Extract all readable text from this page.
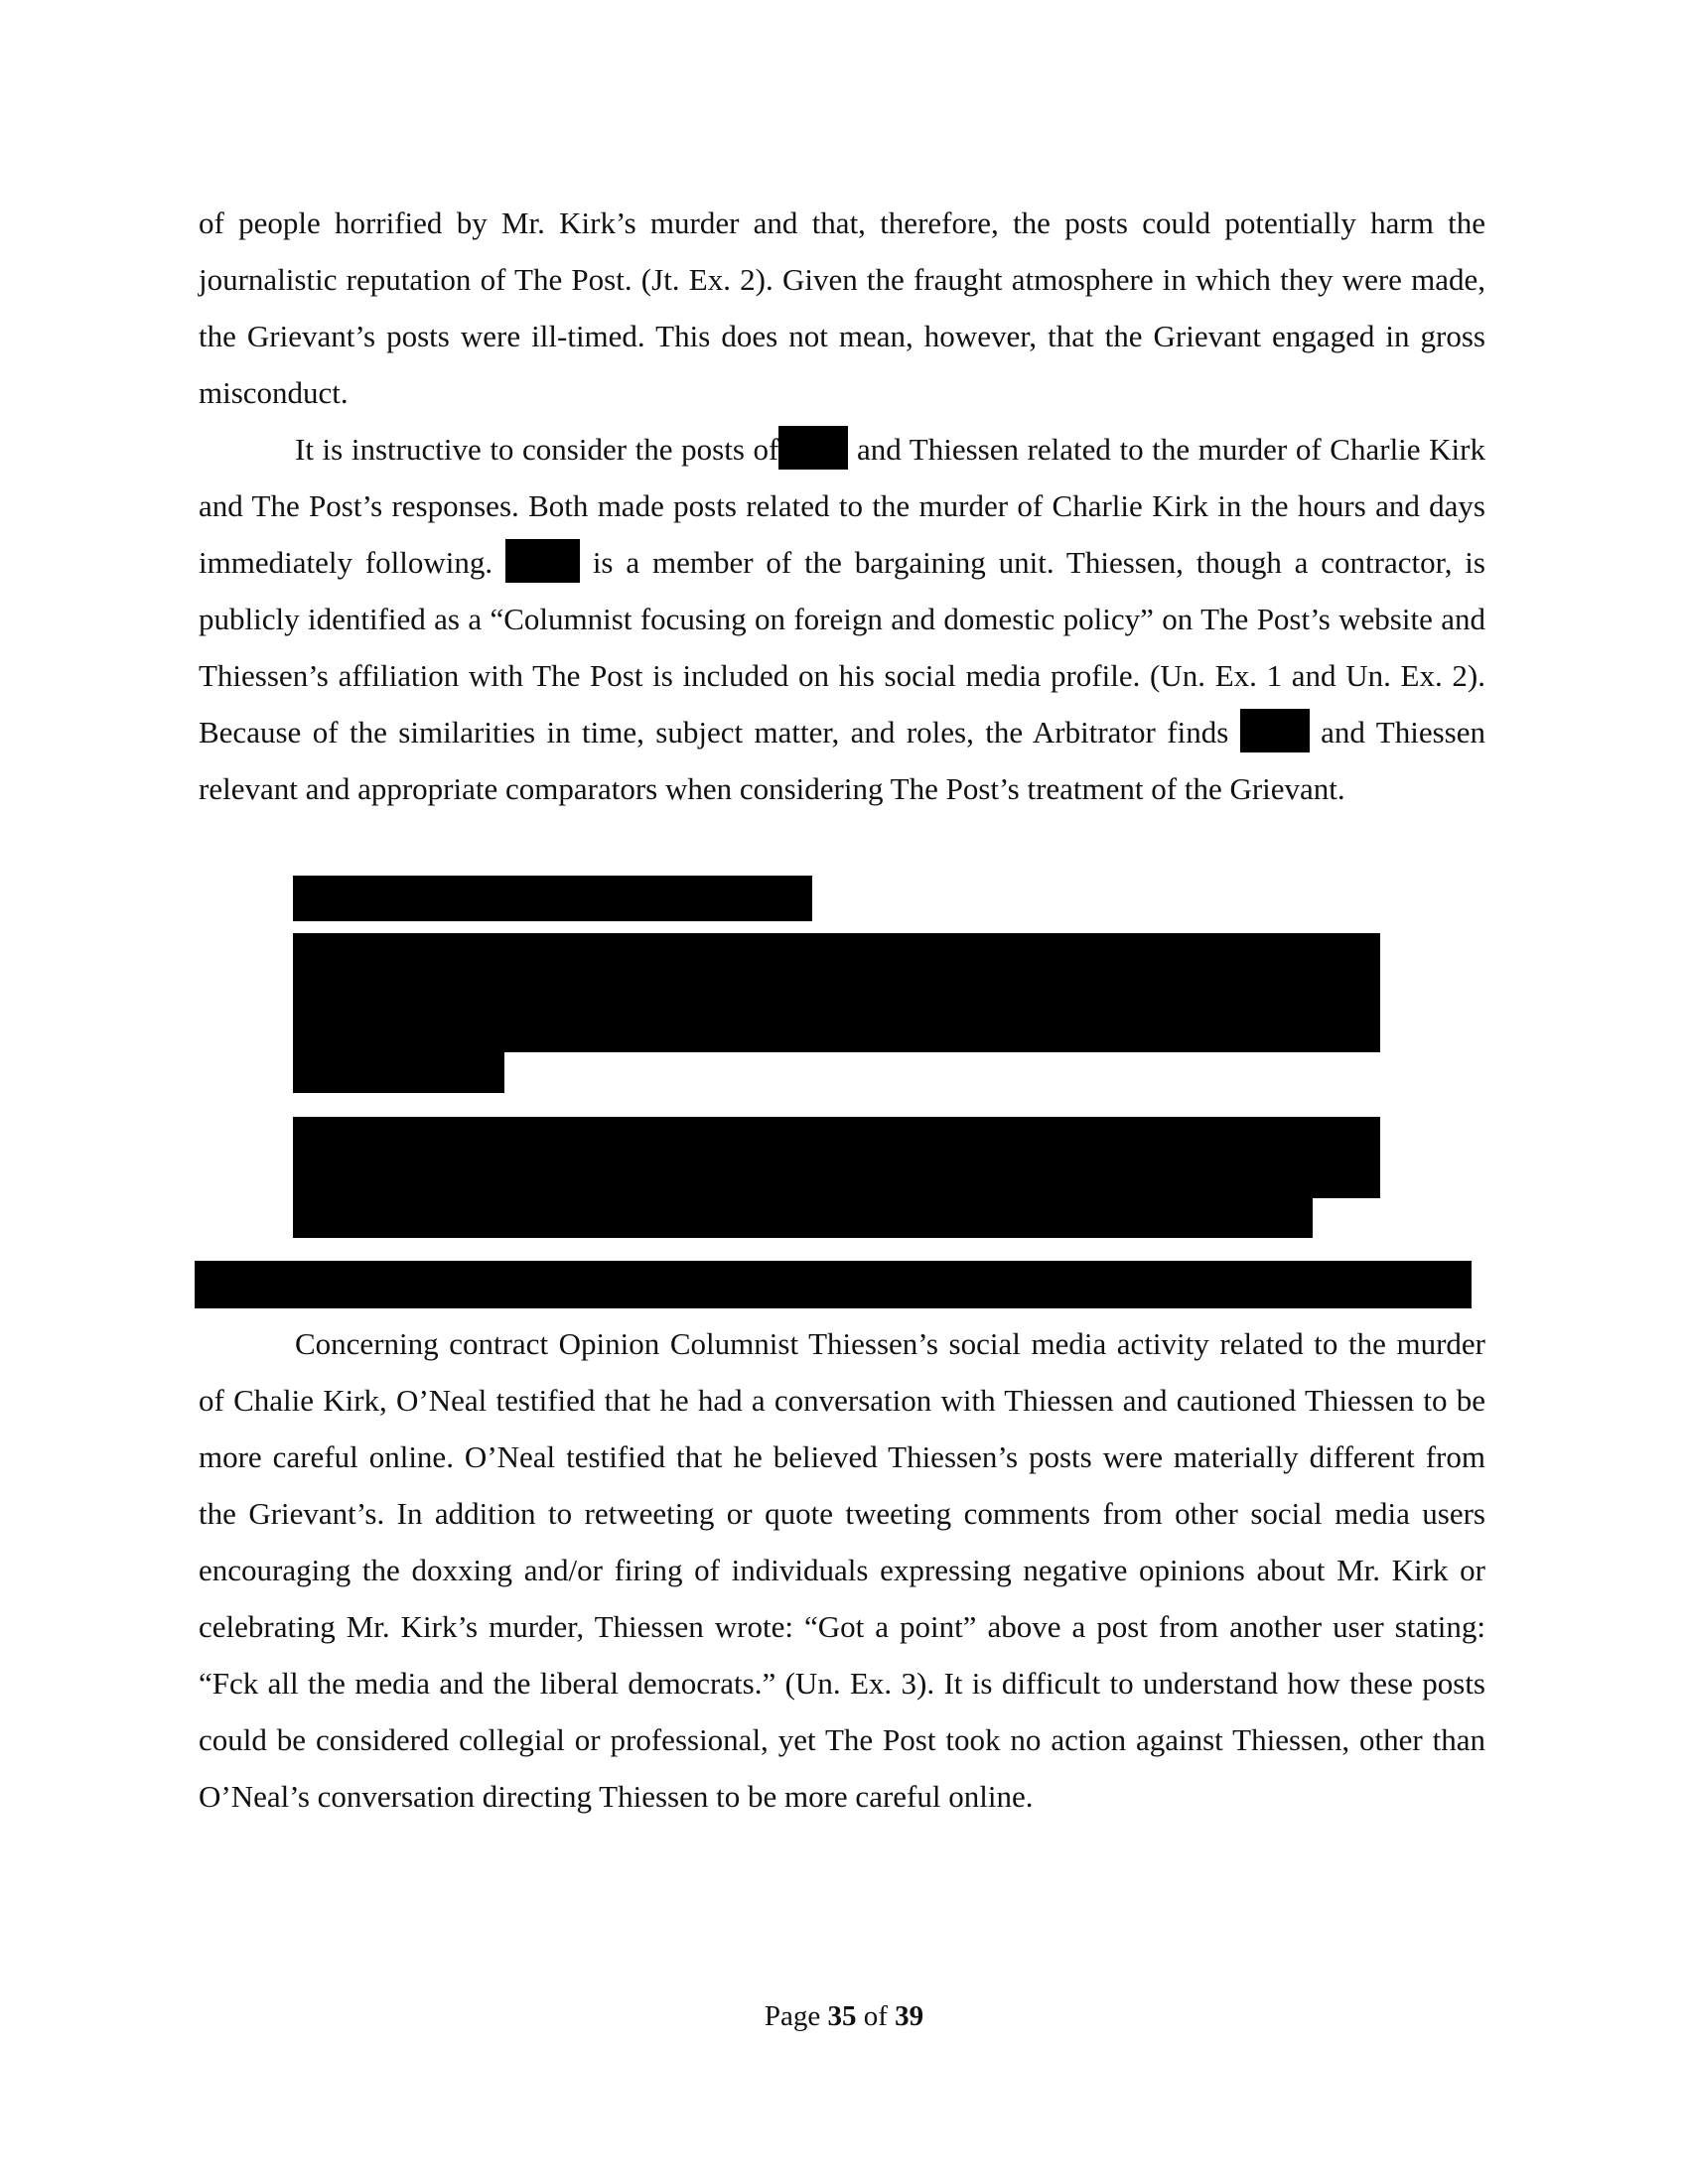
of people horrified by Mr. Kirk’s murder and that, therefore, the posts could potentially harm the journalistic reputation of The Post. (Jt. Ex. 2). Given the fraught atmosphere in which they were made, the Grievant’s posts were ill-timed. This does not mean, however, that the Grievant engaged in gross misconduct.

It is instructive to consider the posts of and Thiessen related to the murder of Charlie Kirk and The Post’s responses. Both made posts related to the murder of Charlie Kirk in the hours and days immediately following.	is a member of the bargaining unit. Thiessen, though a contractor, is publicly identified as a “Columnist focusing on foreign and domestic policy” on The Post’s website and Thiessen’s affiliation with The Post is included on his social media profile. (Un. Ex. 1 and Un. Ex. 2). Because of the similarities in time, subject matter, and roles, the Arbitrator finds	and Thiessen relevant and appropriate comparators when considering The Post’s treatment of the Grievant.

Concerning contract Opinion Columnist Thiessen’s social media activity related to the murder of Chalie Kirk, O’Neal testified that he had a conversation with Thiessen and cautioned Thiessen to be more careful online. O’Neal testified that he believed Thiessen’s posts were materially different from the Grievant’s. In addition to retweeting or quote tweeting comments from other social media users encouraging the doxxing and/or firing of individuals expressing negative opinions about Mr. Kirk or celebrating Mr. Kirk’s murder, Thiessen wrote: “Got a point” above a post from another user stating: “Fck all the media and the liberal democrats.” (Un. Ex. 3). It is difficult to understand how these posts could be considered collegial or professional, yet The Post took no action against Thiessen, other than O’Neal’s conversation directing Thiessen to be more careful online.

Page 35 of 39
